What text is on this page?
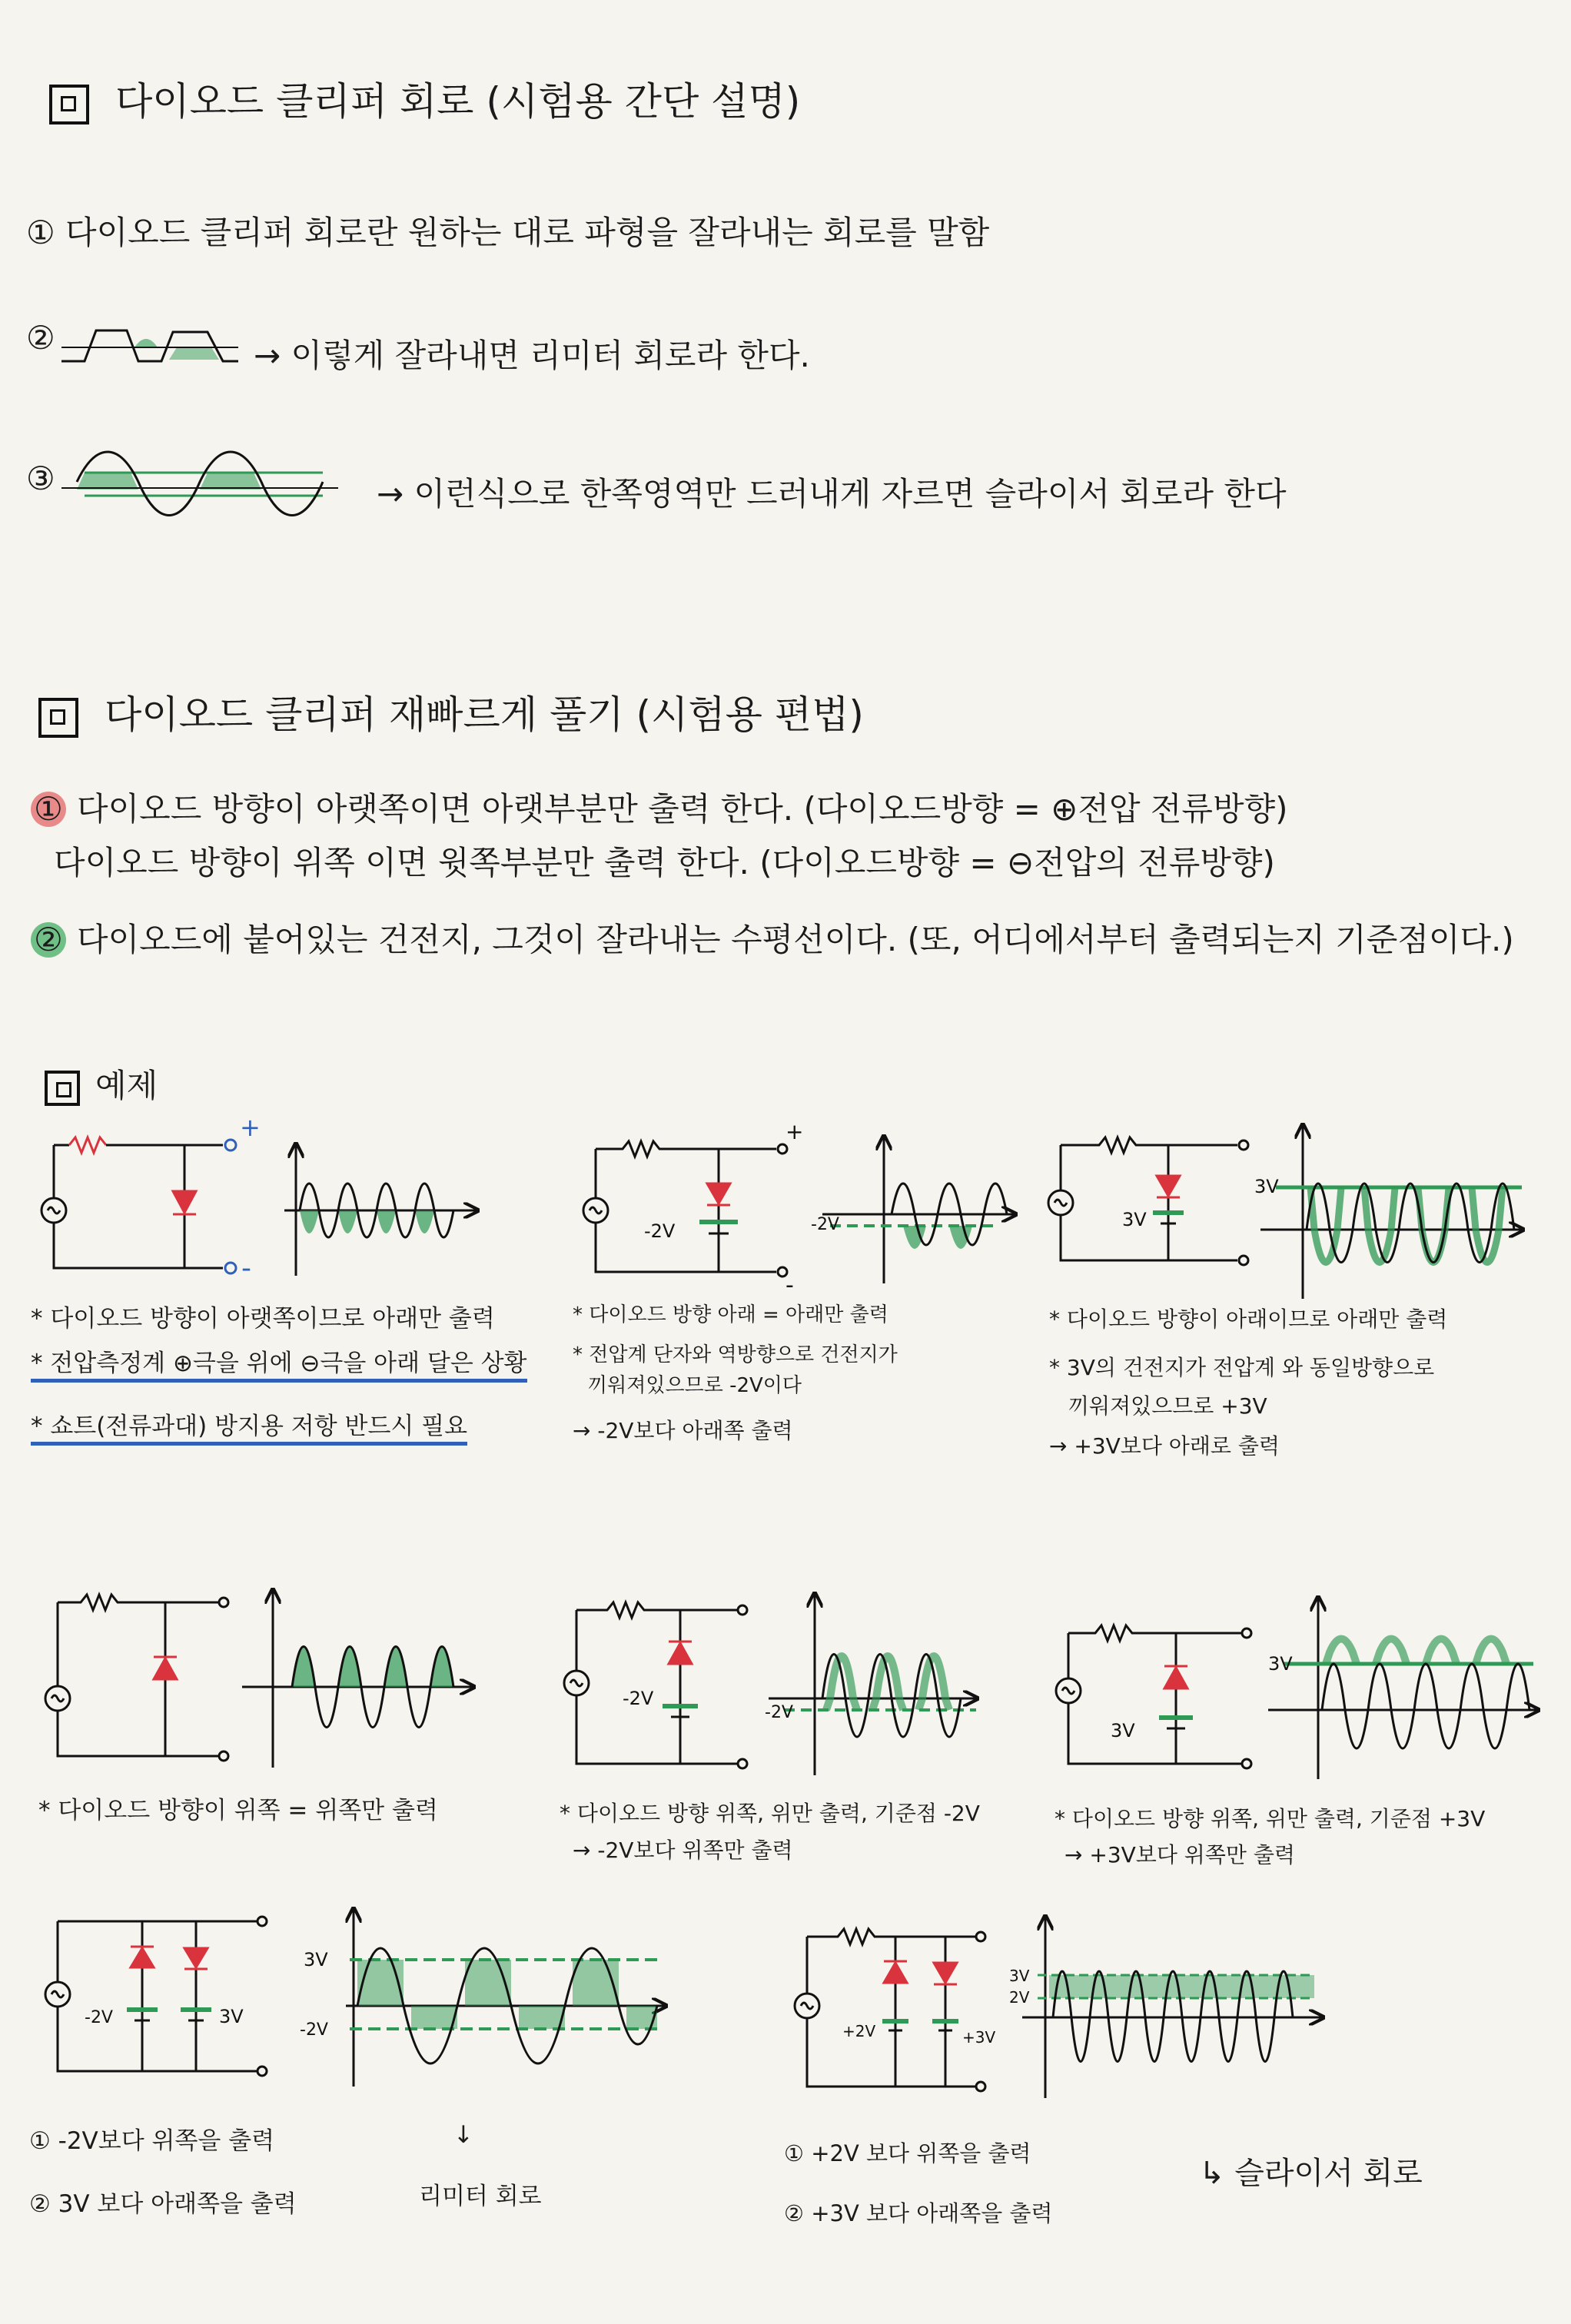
다이오드 클리퍼 회로 (시험용 간단 설명)
① 다이오드 클리퍼 회로란 원하는 대로 파형을 잘라내는 회로를 말함
②	→ 이렇게 잘라내면 리미터 회로라 한다.
③	→ 이런식으로 한쪽영역만 드러내게 자르면 슬라이서 회로라 한다
다이오드 클리퍼 재빠르게 풀기 (시험용 편법)
① 다이오드 방향이 아랫쪽이면 아랫부분만 출력 한다. (다이오드방향 = ⊕전압 전류방향)
다이오드 방향이 위쪽 이면 윗쪽부분만 출력 한다. (다이오드방향 = ⊖전압의 전류방향)
② 다이오드에 붙어있는 건전지, 그것이 잘라내는 수평선이다. (또, 어디에서부터 출력되는지 기준점이다.)
예제
+
-
* 다이오드 방향이 아랫쪽이므로 아래만 출력
* 전압측정계 ⊕극을 위에 ⊖극을 아래 달은 상황
* 쇼트(전류과대) 방지용 저항 반드시 필요
+
-
-2V	-2V
* 다이오드 방향 아래 = 아래만 출력
* 전압계 단자와 역방향으로 건전지가
끼워져있으므로 -2V이다
→ -2V보다 아래쪽 출력
3V
3V
* 다이오드 방향이 아래이므로 아래만 출력
* 3V의 건전지가 전압계 와 동일방향으로
끼워져있으므로 +3V
→ +3V보다 아래로 출력
* 다이오드 방향이 위쪽 = 위쪽만 출력
-2V
-2V
* 다이오드 방향 위쪽, 위만 출력, 기준점 -2V
→ -2V보다 위쪽만 출력
3V
3V
* 다이오드 방향 위쪽, 위만 출력, 기준점 +3V
→ +3V보다 위쪽만 출력
-2V	3V
3V
-2V
① -2V보다 위쪽을 출력
② 3V 보다 아래쪽을 출력
↓
리미터 회로
+2V	+3V
3V
2V
① +2V 보다 위쪽을 출력
② +3V 보다 아래쪽을 출력
↳ 슬라이서 회로
